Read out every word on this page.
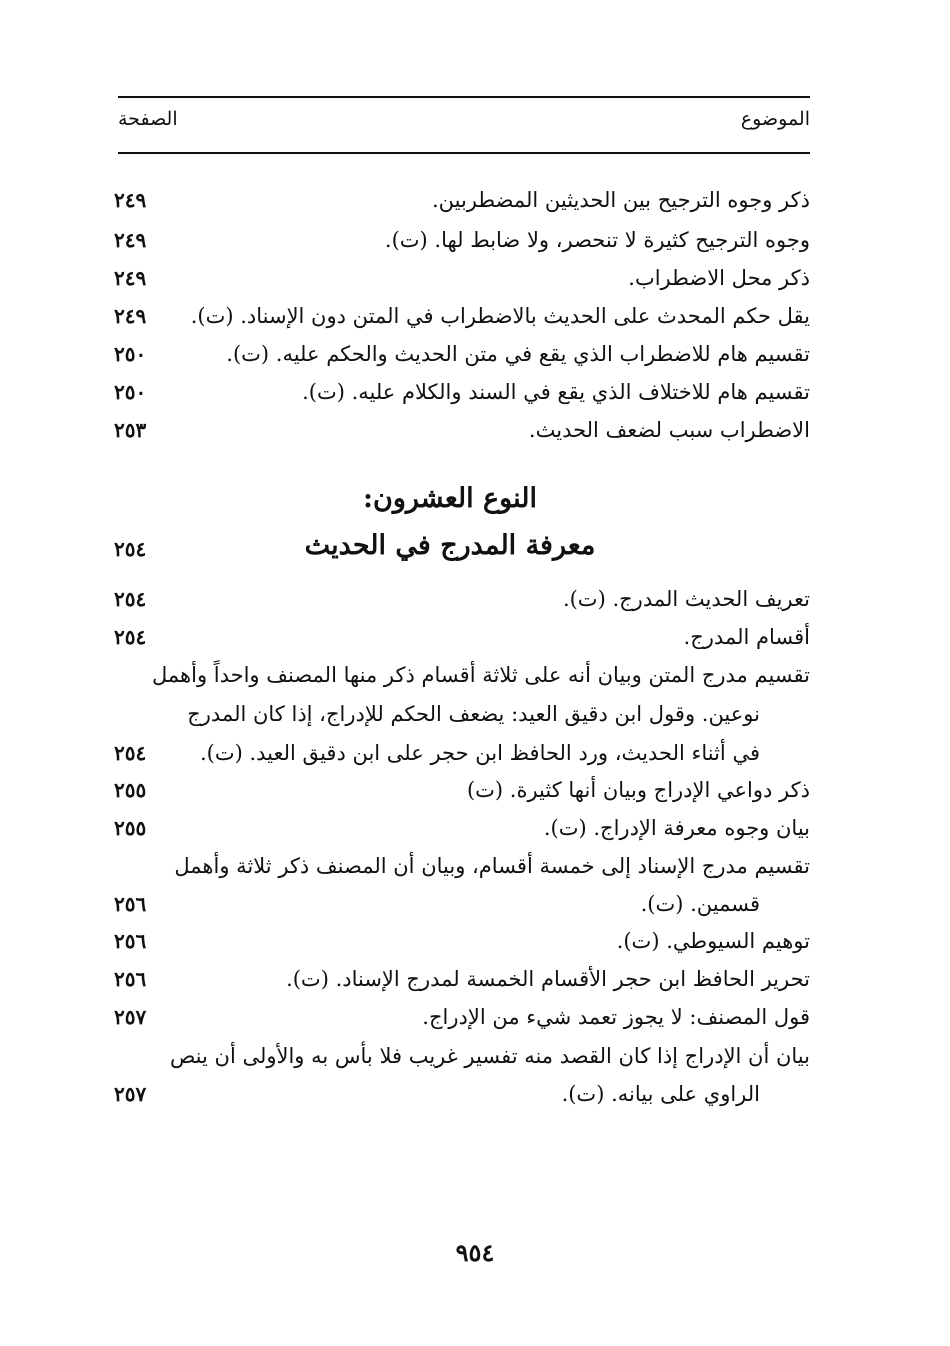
الموضوع
الصفحة
ذكر وجوه الترجيح بين الحديثين المضطربين.
٢٤٩
وجوه الترجيح كثيرة لا تنحصر، ولا ضابط لها. (ت).
٢٤٩
ذكر محل الاضطراب.
٢٤٩
يقل حكم المحدث على الحديث بالاضطراب في المتن دون الإسناد. (ت).
٢٤٩
تقسيم هام للاضطراب الذي يقع في متن الحديث والحكم عليه. (ت).
٢٥٠
تقسيم هام للاختلاف الذي يقع في السند والكلام عليه. (ت).
٢٥٠
الاضطراب سبب لضعف الحديث.
٢٥٣
النوع العشرون:
معرفة المدرج في الحديث
٢٥٤
تعريف الحديث المدرج. (ت).
٢٥٤
أقسام المدرج.
٢٥٤
تقسيم مدرج المتن وبيان أنه على ثلاثة أقسام ذكر منها المصنف واحداً وأهمل
نوعين. وقول ابن دقيق العيد: يضعف الحكم للإدراج، إذا كان المدرج
في أثناء الحديث، ورد الحافظ ابن حجر على ابن دقيق العيد. (ت).
٢٥٤
ذكر دواعي الإدراج وبيان أنها كثيرة. (ت)
٢٥٥
بيان وجوه معرفة الإدراج. (ت).
٢٥٥
تقسيم مدرج الإسناد إلى خمسة أقسام، وبيان أن المصنف ذكر ثلاثة وأهمل
قسمين. (ت).
٢٥٦
توهيم السيوطي. (ت).
٢٥٦
تحرير الحافظ ابن حجر الأقسام الخمسة لمدرج الإسناد. (ت).
٢٥٦
قول المصنف: لا يجوز تعمد شيء من الإدراج.
٢٥٧
بيان أن الإدراج إذا كان القصد منه تفسير غريب فلا بأس به والأولى أن ينص
الراوي على بيانه. (ت).
٢٥٧
٩٥٤
